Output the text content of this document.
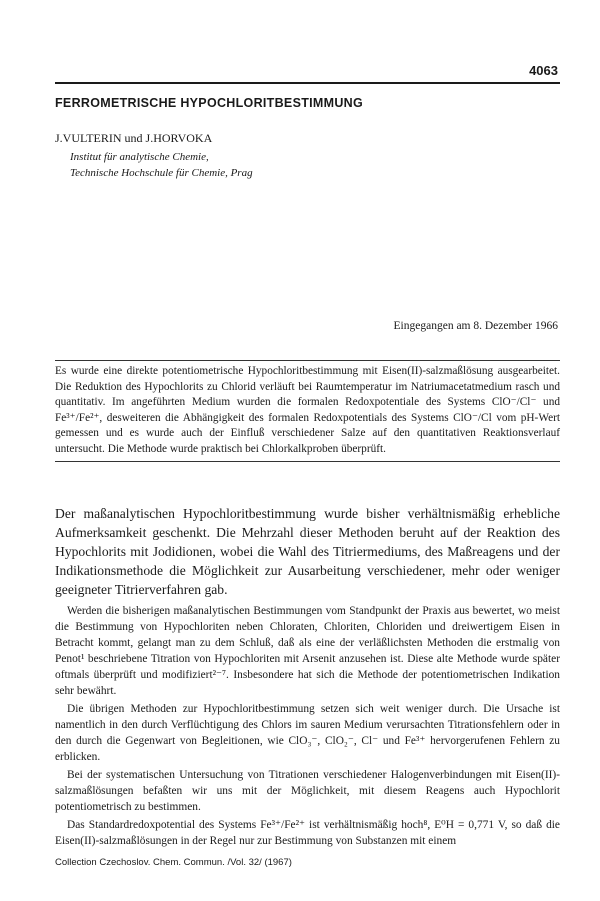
4063
FERROMETRISCHE HYPOCHLORITBESTIMMUNG
J.VULTERIN und J.HORVOKA
Institut für analytische Chemie,
Technische Hochschule für Chemie, Prag
Eingegangen am 8. Dezember 1966

Es wurde eine direkte potentiometrische Hypochloritbestimmung mit Eisen(II)-salzmaßlösung ausgearbeitet. Die Reduktion des Hypochlorits zu Chlorid verläuft bei Raumtemperatur im Natriumacetatmedium rasch und quantitativ. Im angeführten Medium wurden die formalen Redoxpotentiale des Systems ClO⁻/Cl⁻ und Fe³⁺/Fe²⁺, desweiteren die Abhängigkeit des formalen Redoxpotentials des Systems ClO⁻/Cl vom pH-Wert gemessen und es wurde auch der Einfluß verschiedener Salze auf den quantitativen Reaktionsverlauf untersucht. Die Methode wurde praktisch bei Chlorkalkproben überprüft.

Der maßanalytischen Hypochloritbestimmung wurde bisher verhältnismäßig erhebliche Aufmerksamkeit geschenkt. Die Mehrzahl dieser Methoden beruht auf der Reaktion des Hypochlorits mit Jodidionen, wobei die Wahl des Titriermediums, des Maßreagens und der Indikationsmethode die Möglichkeit zur Ausarbeitung verschiedener, mehr oder weniger geeigneter Titrierverfahren gab.

Werden die bisherigen maßanalytischen Bestimmungen vom Standpunkt der Praxis aus bewertet, wo meist die Bestimmung von Hypochloriten neben Chloraten, Chloriten, Chloriden und dreiwertigem Eisen in Betracht kommt, gelangt man zu dem Schluß, daß als eine der verläßlichsten Methoden die erstmalig von Penot¹ beschriebene Titration von Hypochloriten mit Arsenit anzusehen ist. Diese alte Methode wurde später oftmals überprüft und modifiziert²⁻⁷. Insbesondere hat sich die Methode der potentiometrischen Indikation sehr bewährt.

Die übrigen Methoden zur Hypochloritbestimmung setzen sich weit weniger durch. Die Ursache ist namentlich in den durch Verflüchtigung des Chlors im sauren Medium verursachten Titrationsfehlern oder in den durch die Gegenwart von Begleitionen, wie ClO₃⁻, ClO₂⁻, Cl⁻ und Fe³⁺ hervorgerufenen Fehlern zu erblicken.

Bei der systematischen Untersuchung von Titrationen verschiedener Halogenverbindungen mit Eisen(II)-salzmaßlösungen befaßten wir uns mit der Möglichkeit, mit diesem Reagens auch Hypochlorit potentiometrisch zu bestimmen.

Das Standardredoxpotential des Systems Fe³⁺/Fe²⁺ ist verhältnismäßig hoch⁸, E⁰H = 0,771 V, so daß die Eisen(II)-salzmaßlösungen in der Regel nur zur Bestimmung von Substanzen mit einem

Collection Czechoslov. Chem. Commun. /Vol. 32/ (1967)
